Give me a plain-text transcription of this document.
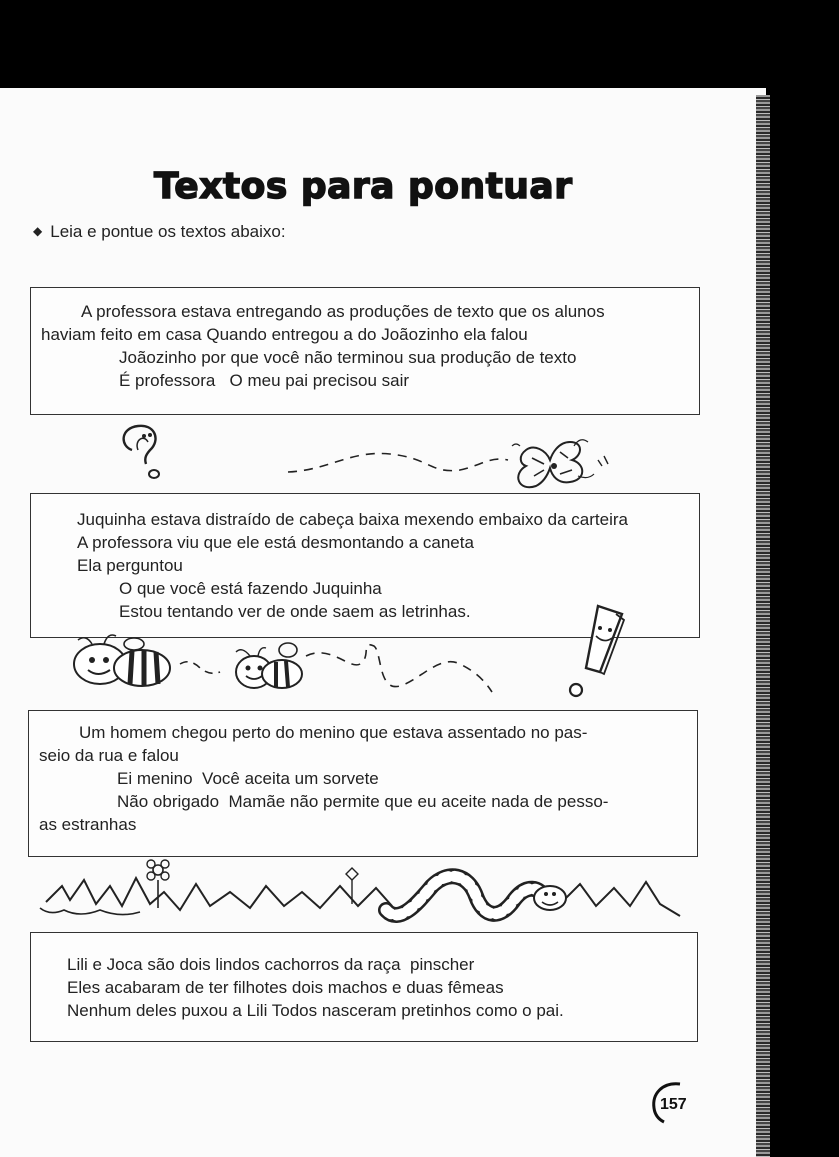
Textos para pontuar
◆ Leia e pontue os textos abaixo:

A professora estava entregando as produções de texto que os alunos

haviam feito em casa Quando entregou a do Joãozinho ela falou

Joãozinho por que você não terminou sua produção de texto

É professora   O meu pai precisou sair

Juquinha estava distraído de cabeça baixa mexendo embaixo da carteira

A professora viu que ele está desmontando a caneta

Ela perguntou

O que você está fazendo Juquinha

Estou tentando ver de onde saem as letrinhas.

Um homem chegou perto do menino que estava assentado no pas-

seio da rua e falou

Ei menino  Você aceita um sorvete

Não obrigado  Mamãe não permite que eu aceite nada de pesso-

as estranhas

Lili e Joca são dois lindos cachorros da raça  pinscher

Eles acabaram de ter filhotes dois machos e duas fêmeas

Nenhum deles puxou a Lili Todos nasceram pretinhos como o pai.

157
